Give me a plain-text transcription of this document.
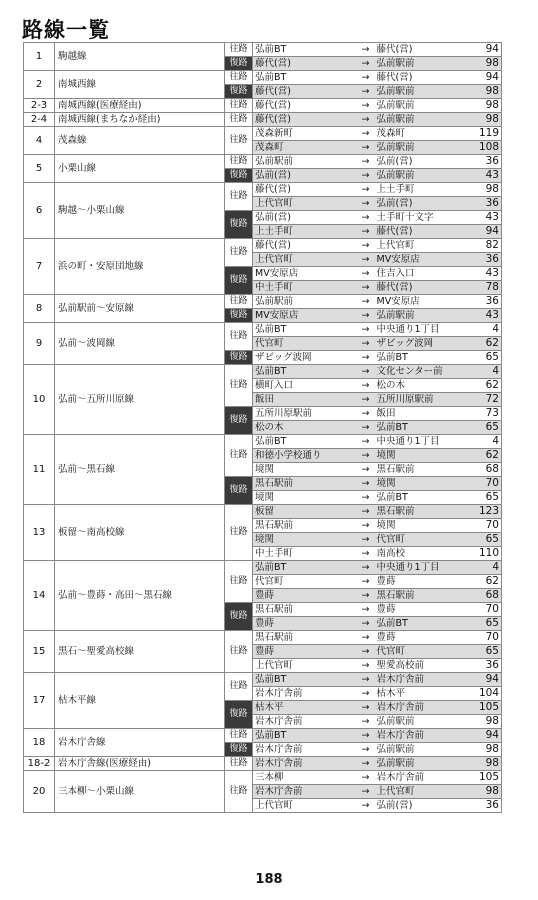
路線一覧
1	駒越線	往路	弘前BT	→	藤代(営)	94
		復路	藤代(営)	→	弘前駅前	98
2	南城西線	往路	弘前BT	→	藤代(営)	94
		復路	藤代(営)	→	弘前駅前	98
2-3	南城西線(医療経由)	往路	藤代(営)	→	弘前駅前	98
2-4	南城西線(まちなか経由)	往路	藤代(営)	→	弘前駅前	98
4	茂森線	往路	茂森新町	→	茂森町	119
			茂森町	→	弘前駅前	108
5	小栗山線	往路	弘前駅前	→	弘前(営)	36
		復路	弘前(営)	→	弘前駅前	43
6	駒越～小栗山線	往路	藤代(営)	→	上土手町	98
			上代官町	→	弘前(営)	36
		復路	弘前(営)	→	土手町十文字	43
			上土手町	→	藤代(営)	94
7	浜の町・安原団地線	往路	藤代(営)	→	上代官町	82
			上代官町	→	MV安原店	36
		復路	MV安原店	→	住吉入口	43
			中土手町	→	藤代(営)	78
8	弘前駅前～安原線	往路	弘前駅前	→	MV安原店	36
		復路	MV安原店	→	弘前駅前	43
9	弘前～波岡線	往路	弘前BT	→	中央通り1丁目	4
			代官町	→	ザビッグ波岡	62
		復路	ザビッグ波岡	→	弘前BT	65
10	弘前～五所川原線	往路	弘前BT	→	文化センター前	4
			横町入口	→	松の木	62
			飯田	→	五所川原駅前	72
		復路	五所川原駅前	→	飯田	73
			松の木	→	弘前BT	65
11	弘前～黒石線	往路	弘前BT	→	中央通り1丁目	4
			和徳小学校通り	→	境関	62
			境関	→	黒石駅前	68
		復路	黒石駅前	→	境関	70
			境関	→	弘前BT	65
13	板留～南高校線	往路	板留	→	黒石駅前	123
			黒石駅前	→	境関	70
			境関	→	代官町	65
			中土手町	→	南高校	110
14	弘前～豊蒔・高田～黒石線	往路	弘前BT	→	中央通り1丁目	4
			代官町	→	豊蒔	62
			豊蒔	→	黒石駅前	68
		復路	黒石駅前	→	豊蒔	70
			豊蒔	→	弘前BT	65
15	黒石～聖愛高校線	往路	黒石駅前	→	豊蒔	70
			豊蒔	→	代官町	65
			上代官町	→	聖愛高校前	36
17	枯木平線	往路	弘前BT	→	岩木庁舎前	94
			岩木庁舎前	→	枯木平	104
		復路	枯木平	→	岩木庁舎前	105
			岩木庁舎前	→	弘前駅前	98
18	岩木庁舎線	往路	弘前BT	→	岩木庁舎前	94
		復路	岩木庁舎前	→	弘前駅前	98
18-2	岩木庁舎線(医療経由)	往路	岩木庁舎前	→	弘前駅前	98
20	三本柳～小栗山線	往路	三本柳	→	岩木庁舎前	105
			岩木庁舎前	→	上代官町	98
			上代官町	→	弘前(営)	36
188
